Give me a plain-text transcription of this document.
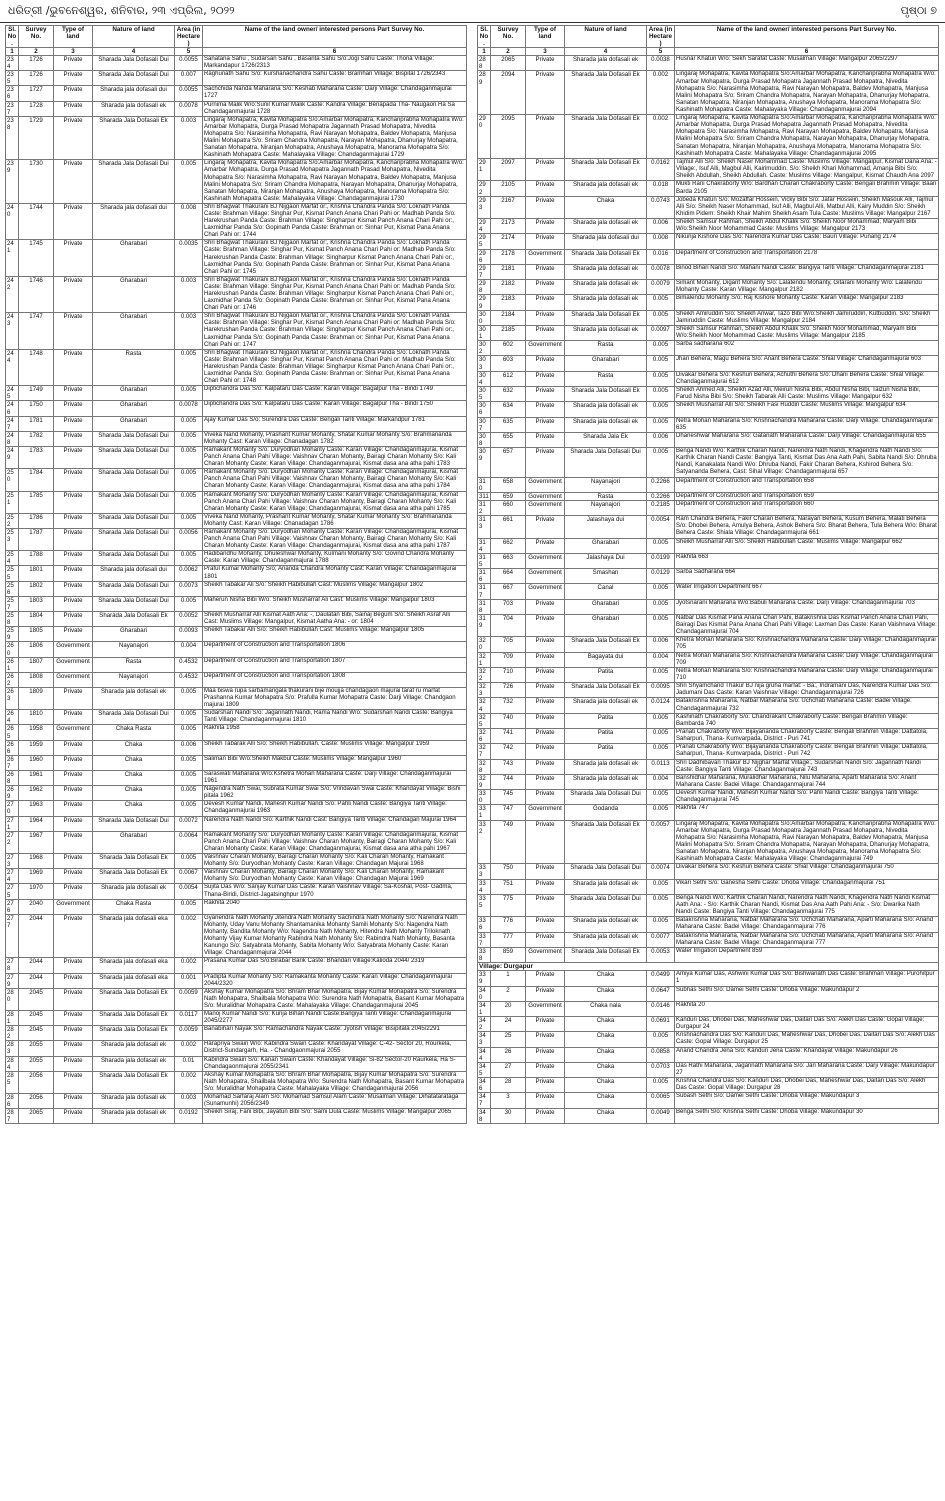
ଧରିତ୍ରୀ /ଭୁବନେଶ୍ୱର, ଶନିବାର, ୨୩ ଏପ୍ରିଲ, ୨୦୨୨	ପୃଷ୍ଠା ୭
Sl. No.	Survey No.	Type of land	Nature of land	Area (in Hectare)	Name of the land owner/ interested persons Part Survey No.
1	2	3	4	5	6
234	1726	Private	Sharada Jala Dofasali Dui	0.0055	Sanatana Sahu , Sudarsan Sahu , Basanta Sahu S/o:Jogi Sahu Caste: Thoria Village: Markandapur 1726/2313
235	1726	Private	Sharada Jala Dofasali Dui	0.007	Raghunath Sahu S/o: Kurshanachandra Sahu Caste: Bramhan Village: Bispital 1726/2343
236	1727	Private	Sharada jala dofasali dui	0.0055	Sachchida Nanda Maharana S/o: Keshab Maharana Caste: Darji Village: Chandaganmajurai 1727
237	1728	Private	Sharada jala dofasali ek	0.0078	Purnima Malik W/o:Sunil Kumar Malik Caste: Kandra Village: Benapada Tha- Naugaon Ha Sa Chandaganmajurai 1728
238	1729	Private	Sharada Jala Dofasali Ek	0.003	Lingaraj Mohapatra, Kavita Mohapatra S/o:Amarbar Mohapatra, Kanchanprabha Mohapatra W/o: Amarbar Mohapatra, Durga Prasad Mohapatra Jagannath Prasad Mohapatra, Nivedita Mohapatra S/o: Narasimha Mohapatra, Ravi Narayan Mohapatra, Baldev Mohapatra, Manjusa Malini Mohapatra S/o: Sriram Chandra Mohapatra, Narayan Mohapatra, Dhanurjay Mohapatra, Sanatan Mohapatra, Niranjan Mohapatra, Anushaya Mohapatra, Manorama Mohapatra S/o: Kashinath Mohapatra Caste: Mahalayaka Village: Chandaganmajurai 1729
239	1730	Private	Sharada Jala Dofasali Dui	0.005	Lingaraj Mohapatra, Kavita Mohapatra S/o:Amarbar Mohapatra, Kanchanprabha Mohapatra W/o: Amarbar Mohapatra, Durga Prasad Mohapatra Jagannath Prasad Mohapatra, Nivedita Mohapatra S/o: Narasimha Mohapatra, Ravi Narayan Mohapatra, Baldev Mohapatra, Manjusa Malini Mohapatra S/o: Sriram Chandra Mohapatra, Narayan Mohapatra, Dhanurjay Mohapatra, Sanatan Mohapatra, Niranjan Mohapatra, Anushaya Mohapatra, Manorama Mohapatra S/o: Kashinath Mohapatra Caste: Mahalayaka Village: Chandaganmajurai 1730
240	1744	Private	Sharada jala dofasali dui	0.008	Shri Bhagwat Thakurani BJ Nijgaon Marfat or:, Krishna Chandra Panda S/o: Loknath Panda Caste: Brahman Village: Singhar Pur, Kismat Panch Anana Chari Pahi or: Madhab Panda S/o: Harekrushan Panda Caste: Brahman Village: Singharpur Kismat Panch Anana Chari Pahi or:, Laxmidhar Panda S/o: Gopinath Panda Caste: Brahman or: Sinhar Pur, Kismat Pana Anana Chari Pahi or: 1744
241	1745	Private	Gharabari	0.0035	Shri Bhagwat Thakurani BJ Nijgaon Marfat or:, Krishna Chandra Panda S/o: Loknath Panda Caste: Brahman Village: Singhar Pur, Kismat Panch Anana Chari Pahi or: Madhab Panda S/o: Harekrushan Panda Caste: Brahman Village: Singharpur Kismat Panch Anana Chari Pahi or:, Laxmidhar Panda S/o: Gopinath Panda Caste: Brahman or: Sinhar Pur, Kismat Pana Anana Chari Pahi or: 1745
242	1746	Private	Gharabari	0.003	Shri Bhagwat Thakurani BJ Nijgaon Marfat or:, Krishna Chandra Panda S/o: Loknath Panda Caste: Brahman Village: Singhar Pur, Kismat Panch Anana Chari Pahi or: Madhab Panda S/o: Harekrushan Panda Caste: Brahman Village: Singharpur Kismat Panch Anana Chari Pahi or:, Laxmidhar Panda S/o: Gopinath Panda Caste: Brahman or: Sinhar Pur, Kismat Pana Anana Chari Pahi or: 1746
243	1747	Private	Gharabari	0.003	Shri Bhagwat Thakurani BJ Nijgaon Marfat or:, Krishna Chandra Panda S/o: Loknath Panda Caste: Brahman Village: Singhar Pur, Kismat Panch Anana Chari Pahi or: Madhab Panda S/o: Harekrushan Panda Caste: Brahman Village: Singharpur Kismat Panch Anana Chari Pahi or:, Laxmidhar Panda S/o: Gopinath Panda Caste: Brahman or: Sinhar Pur, Kismat Pana Anana Chari Pahi or: 1747
244	1748	Private	Rasta	0.005	Shri Bhagwat Thakurani BJ Nijgaon Marfat or:, Krishna Chandra Panda S/o: Loknath Panda Caste: Brahman Village: Singhar Pur, Kismat Panch Anana Chari Pahi or: Madhab Panda S/o: Harekrushan Panda Caste: Brahman Village: Singharpur Kismat Panch Anana Chari Pahi or:, Laxmidhar Panda S/o: Gopinath Panda Caste: Brahman or: Sinhar Pur, Kismat Pana Anana Chari Pahi or: 1748
245	1749	Private	Gharabari	0.005	Diptichandra Das S/o: Kalpataru Das Caste: Karan Village: Bagalpur Tha - Biridi 1749
246	1750	Private	Gharabari	0.0078	Diptichandra Das S/o: Kalpataru Das Caste: Karan Village: Bagalpur Tha - Biridi 1750
247	1781	Private	Gharabari	0.005	Ajay Kumar Das S/o: Surendra Das Caste: Bengali Tanti Village: Markandpur 1781
248	1782	Private	Sharada Jala Dofasali Dui	0.005	Viveka Nand Mohanty, Prashant Kumar Mohanty, Shatar Kumar Mohanty S/o: Brahmananda Mohanty Cast: Karan Village: Chanadagan 1782
249	1783	Private	Sharada Jala Dofasali Dui	0.005	Ramakant Mohanty S/o: Duryodhan Mohanty Caste: Karan Village: Chandaganmajurai, Kismat Panch Anana Chari Pahi Village: Vaishnav Charan Mohanty, Bairagi Charan Mohanty S/o: Kali Charan Mohanty Caste: Karan Village: Chandaganmajurai, Kismat dasa ana atha pahi 1783
250	1784	Private	Sharada Jala Dofasali Dui	0.005	Ramakant Mohanty S/o: Duryodhan Mohanty Caste: Karan Village: Chandaganmajurai, Kismat Panch Anana Chari Pahi Village: Vaishnav Charan Mohanty, Bairagi Charan Mohanty S/o: Kali Charan Mohanty Caste: Karan Village: Chandaganmajurai, Kismat dasa ana atha pahi 1784
251	1785	Private	Sharada Jala Dofasali Dui	0.005	Ramakant Mohanty S/o: Duryodhan Mohanty Caste: Karan Village: Chandaganmajurai, Kismat Panch Anana Chari Pahi Village: Vaishnav Charan Mohanty, Bairagi Charan Mohanty S/o: Kali Charan Mohanty Caste: Karan Village: Chandaganmajurai, Kismat dasa ana atha pahi 1785
252	1786	Private	Sharada Jala Dofasali Dui	0.005	Viveka Nand Mohanty, Prashant Kumar Mohanty, Shatar Kumar Mohanty S/o: Brahmananda Mohanty Cast: Karan Village: Chanadagan 1786
253	1787	Private	Sharada Jala Dofasali Dui	0.0056	Ramakant Mohanty S/o: Duryodhan Mohanty Caste: Karan Village: Chandaganmajurai, Kismat Panch Anana Chari Pahi Village: Vaishnav Charan Mohanty, Bairagi Charan Mohanty S/o: Kali Charan Mohanty Caste: Karan Village: Chandaganmajurai, Kismat dasa ana atha pahi 1787
254	1788	Private	Sharada Jala Dofasali Dui	0.005	Hadibandhu Mohanty, Dhuleshwar Mohanty, Kulmani Mohanty S/o: Govind Chandra Mohanty Caste: Karan Village: Chandaganmajurai 1788
255	1801	Private	Sharada jala dofasali dui	0.0062	Praful Kumar Mohanty S/o; Ananda Chandra Mohanty Cast: Karan Village: Chandaganmajurai 1801
256	1802	Private	Sharada Jala Dofasali Dui	0.0073	Sheikh Tabakar Ali S/o: Sheikh Habibullah Cast: Muslims Village: Mangalpur 1802
257	1803	Private	Sharada Jala Dofasali Dui	0.005	Maherun Nisha Bibi W/o: Sheikh Musharraf Ali Cast: Muslims Village: Mangalpur 1803
258	1804	Private	Sharada Jala Dofasali Ek	0.0052	Sheikh Musharraf Alli Kismat Aath Ana: -, Daulatan Bibi, Sainaj Begum S/o: Sheikh Asraf Alli Cast: Muslims Village: Mangalpur, Kismat Aatha Ana: - or: 1804
259	1805	Private	Gharabari	0.0093	Sheikh Tabakar Alli S/o: Sheikh Habibullah Cast: Muslims Village: Mangalpur 1805
260	1806	Government	Nayanajori	0.004	Department of Construction and Transportation 1806
261	1807	Government	Rasta	0.4532	Department of Construction and Transportation 1807
262	1808	Government	Nayanajori	0.4532	Department of Construction and Transportation 1808
263	1809	Private	Sharada jala dofasali ek	0.005	Maa biswa rupa sarbamangala thakurani bije moujja chandagaon majurai taraf ru marfat Prashanna Kumar Mohapatra S/o: Prafulla Kumar Mohapatra Caste: Darji Village: Chandgaon majurai 1809
264	1810	Private	Sharada Jala Dofasali Dui	0.005	Sudarshan Nandi S/o: Jagannath Nandi, Rama Nandi W/o: Sudarshan Nandi Caste: Bangiya Tanti Village: Chandaganmajurai 1810
265	1958	Government	Chaka Rasta	0.005	Rakhita 1958
266	1959	Private	Chaka	0.006	Sheikh Tabarak Alli S/o: Sheikh Habibullah. Caste: Muslims Village: Mangalpur 1959
267	1960	Private	Chaka	0.005	Saliman Bibi W/o:Sheikh Makbul Caste: Muslims Village: Mangalpur 1960
268	1961	Private	Chaka	0.005	Saraswati Maharana W/o:Kshetra Mohan Maharana Caste: Darji Village: Chandaganmajurai 1961
269	1962	Private	Chaka	0.005	Nagendra Nath Swai, Subrata Kumar Swai S/o: Vrindavan Swai Caste: Khandayat Village: Bishi pitala 1962
270	1963	Private	Chaka	0.005	Devesh Kumar Nandi, Mahesh Kumar Nandi S/o: Pahli Nandi Caste: Bangiya Tanti Village: Chandaganmajurai 1963
271	1964	Private	Sharada Jala Dofasali Dui	0.0072	Narendra Nath Nandi S/o: Karthik Nandi Cast: Bangiya Tanti Village: Chandagan Majurai 1964
272	1967	Private	Gharabari	0.0064	Ramakant Mohanty S/o: Duryodhan Mohanty Caste: Karan Village: Chandaganmajurai, Kismat Panch Anana Chari Pahi Village: Vaishnav Charan Mohanty, Bairagi Charan Mohanty S/o: Kali Charan Mohanty Caste: Karan Village: Chandaganmajurai, Kismat dasa ana atha pahi 1967
273	1968	Private	Sharada Jala Dofasali Ek	0.005	Vaishnav Charan Mohanty, Bairagi Charan Mohanty S/o: Kali Charan Mohanty, Ramakant Mohanty S/o: Duryodhan Mohanty Caste: Karan Village: Chandagan Majurai 1968
274	1969	Private	Sharada Jala Dofasali Ek	0.0067	Vaishnav Charan Mohanty, Bairagi Charan Mohanty S/o: Kali Charan Mohanty, Ramakant Mohanty S/o: Duryodhan Mohanty Caste: Karan Village: Chandagan Majurai 1969
275	1970	Private	Sharada jala dofasali ek	0.0054	Sujita Das W/o: Sanjay Kumar Das Caste: Karan Vaishnav Village: Sa-Koshal, Post- Gadma, Thana-Biridi, District-Jagatsinghpur 1970
276	2040	Government	Chaka Rasta	0.005	Rakhita 2040
277	2044	Private	Sharada jala dofasali eka	0.002	Gyanendra Nath Mohanty Jitendra Nath Mohanty Sachindra Nath Mohanty S/o: Narendra Nath Mohanty, Uday Vanu Mohanty Shantamanika Mohanty Samili Mohanty S/o: Nagendra Nath Mohanty, Bandita Mohanty W/o: Nagendra Nath Mohanty, Hitendra Nath Mohanty Triloknath Mohanty Vijay Kumar Mohanty Rabindra Nath Mohanty S/o: Rabindra Nath Mohanty, Basanta Kanungo S/o: Satyabrata Mohanty, Sabita Mohanty W/o: Satyabrata Mohanty Caste: Karan Village: Chandaganmajurai 2044
278	2044	Private	Sharada jala dofasali eka	0.002	Prasana Kumar Das S/o:Birabar Barik Caste: Bhandari Village:Kalioda 2044/ 2319
279	2044	Private	Sharada jala dofasali eka	0.001	Pradipta Kumar Mohanty S/o: Ramakanta Mohanty Caste: Karan Village: Chandaganmajurai 2044/2320
280	2045	Private	Sharada Jala Dofasali Ek	0.0059	Akshay Kumar Mohapatra S/o: Bhram Bhar Mohapatra, Bijay Kumar Mohapatra S/o: Surendra Nath Mohapatra, Shailbala Mohapatra W/o: Surendra Nath Mohapatra, Basant Kumar Mohapatra S/o: Muralidhar Mohapatra Caste: Mahalayaka Village: Chandaganmajurai 2045
281	2045	Private	Sharada Jala Dofasali Ek	0.0117	Manoj Kumar Nandi S/o: Kunja Bihari Nandi Caste:Bangiya Tanti Village: Chandaganmajurai 2045/2277
282	2045	Private	Sharada Jala Dofasali Ek	0.0059	Banabihari Nayak S/o: Ramachandra Nayak Caste: Jyotish Village: Bisipitala 2045/2291
283	2055	Private	Sharada jala dofasali ek	0.002	Harapriya Swain W/o: Kabindra Swain Caste: Khandayat Village: C-42- Sector 20, Rourkela, District-Sundargarh, Ha. - Chandgaonmajurai 2055
284	2055	Private	Sharada jala dofasali ek	0.01	Kabindra Swain S/o: Kanan Swain Caste: Khandayat Village: Si-82 Sector-20 Raurkela, Ha S- Chandagaonmajurai 2055/2341
285	2056	Private	Sharada Jala Dofasali Ek	0.002	Akshay Kumar Mohapatra S/o: Bhram Bhar Mohapatra, Bijay Kumar Mohapatra S/o: Surendra Nath Mohapatra, Shailbala Mohapatra W/o: Surendra Nath Mohapatra, Basant Kumar Mohapatra S/o: Muralidhar Mohapatra Caste: Mahalayaka Village: Chandaganmajurai 2056
286	2056	Private	Sharada jala dofasali ek	0.003	Mohamad Sarfaraj Alam S/o: Mohamad Samsul Alam Caste: Musalman Village: Dihatatarataga (Sunamunhi) 2056/2349
287	2065	Private	Sharada jala dofasali ek	0.0192	Sheikh Siraj, Fani Bibi, Jayatun Bibi S/o: Sami Dula Caste: Muslims Village: Mangalpur 2065
Sl. No.	Survey No.	Type of land	Nature of land	Area (in Hectare)	Name of the land owner/ interested persons Part Survey No.
1	2	3	4	5	6
288	2065	Private	Sharada jala dofasali ek	0.0038	Husnar Khatun W/o: Sekh Sarafat Caste: Musalman Village: Mangalpur 2065/2297
289	2094	Private	Sharada Jala Dofasali Ek	0.002	Lingaraj Mohapatra, Kavita Mohapatra S/o:Amarbar Mohapatra, Kanchanprabha Mohapatra W/o: Amarbar Mohapatra, Durga Prasad Mohapatra Jagannath Prasad Mohapatra, Nivedita Mohapatra S/o: Narasimha Mohapatra, Ravi Narayan Mohapatra, Baldev Mohapatra, Manjusa Malini Mohapatra S/o: Sriram Chandra Mohapatra, Narayan Mohapatra, Dhanurjay Mohapatra, Sanatan Mohapatra, Niranjan Mohapatra, Anushaya Mohapatra, Manorama Mohapatra S/o: Kashinath Mohapatra Caste: Mahalayaka Village: Chandaganmajurai 2094
290	2095	Private	Sharada Jala Dofasali Ek	0.002	Lingaraj Mohapatra, Kavita Mohapatra S/o:Amarbar Mohapatra, Kanchanprabha Mohapatra W/o: Amarbar Mohapatra, Durga Prasad Mohapatra Jagannath Prasad Mohapatra, Nivedita Mohapatra S/o: Narasimha Mohapatra, Ravi Narayan Mohapatra, Baldev Mohapatra, Manjusa Malini Mohapatra S/o: Sriram Chandra Mohapatra, Narayan Mohapatra, Dhanurjay Mohapatra, Sanatan Mohapatra, Niranjan Mohapatra, Anushaya Mohapatra, Manorama Mohapatra S/o: Kashinath Mohapatra Caste: Mahalayaka Village: Chandaganmajurai 2095
291	2097	Private	Sharada Jala Dofasali Ek	0.0162	Tajmul Alli S/o: Sheikh Naser Mohammad Caste: Muslims Village: Mangalpur, Kismat Dana Ana: - Village:, Isuf Alli, Magbul Alli, Kairimuddin. S/o: Sheikh Khari Mohammad, Amanja Bibi S/o: Sheikh Abdullah, Sheikh Abdullah. Caste: Muslims Village: Mangalpur, Kismat Chaudh Ana 2097
292	2105	Private	Sharada jala dofasali ek	0.018	Mukti Rani Chakraborty W/o: Bardhan Charan Chakraborty Caste: Bengali Brahmin Village: Baan Barda 2105
293	2167	Private	Chaka	0.0743	Jobeda Khatun S/o: Mozaffar Hossein, Vicky Bibi S/o: Jafar Hossein, Sheikh Masouk Alli, Tajmul Alli S/o: Sheikh Naser Mohammad, Isuf Alli, Magbul Alli, Matbul Alli, Kairy Muddin S/o: Sheikh Khidim Pidem: Sheikh Khair Mahim Sheikh Asam Tula Caste: Muslims Village: Mangalpur 2167
294	2173	Private	Sharada jala dofasali ek	0.006	Sheikh Samsur Rahman, Sheikh Abdul Khalik S/o: Sheikh Noor Mohammad, Maryam Bibi W/o:Sheikh Noor Mohammad Caste: Muslims Village: Mangalpur 2173
295	2174	Private	Sharada jala dofasali dui	0.008	Nikunja Kishore Das S/o: Narendra Kumar Das Caste: Bauri Village: Punang 2174
296	2178	Government	Sharada Jala Dofasali Ek	0.016	Department of Construction and Transportation 2178
297	2181	Private	Sharada jala dofasali ek	0.0078	Binod Bihari Nandi S/o: Mahani Nandi Caste: Bangiya Tanti Village: Chandaganmajurai 2181
298	2182	Private	Sharada jala dofasali ek	0.0079	Simant Mohanty, Digant Mohanty S/o: Lalatendu Mohanty, Gitarani Mohanty W/o: Lalatendu Mohanty Caste: Karan Village: Mangalpur 2182
299	2183	Private	Sharada jala dofasali ek	0.005	Bimalendu Mohanty S/o: Raj Kishore Mohanty Caste: Karan Village: Mangalpur 2183
300	2184	Private	Sharada Jala Dofasali Ek	0.005	Sheikh Amiruddin S/o: Sheikh Anwar, Tazo Bibi W/o:Sheikh Jamiruddin, Kutbuddin. S/o: Sheikh Jamiruddin Caste: Muslims Village: Mangalpur 2184
301	2185	Private	Sharada jala dofasali ek	0.0097	Sheikh Samsur Rahman, Sheikh Abdul Khalik S/o: Sheikh Noor Mohammad, Maryam Bibi W/o:Sheikh Noor Mohammad Caste: Muslims Village: Mangalpur 2185
302	602	Government	Rasta	0.005	Sarba sadharana 602
303	603	Private	Gharabari	0.005	Jhari Behera, Magu Behera S/o: Anant Behera Caste: Shial Village: Chandaganmajurai 603
304	612	Private	Rasta	0.005	Divakar Behera S/o: Keshuri Behera, Achuthi Behera S/o: Dhani Behera Caste: Shial Village: Chandaganmajurai 612
305	632	Private	Sharada Jala Dofasali Ek	0.005	Sheikh Ahmed Alli, Sheikh Azad Alli, Meirun Nisha Bibi, Abdul Nisha Bibi, Taizun Nisha Bibi, Farud Nisha Bibi S/o: Sheikh Tabarak Alli Caste: Muslims Village: Mangalpur 632
306	634	Private	Sharada jala dofasali ek	0.005	Sheikh Musharraf Alli S/o: Sheikh Fasi Ruddin Caste: Muslims Village: Mangalpur 634
307	635	Private	Sharada jala dofasali ek	0.005	Netra Mohan Maharana S/o: Krishnachandra Maharana Caste: Darji Village: Chandaganmajurai 635
308	655	Private	Sharada Jala Ek	0.006	Dhaneshwar Maharana S/o: Gatanath Maharana Caste: Darji Village: Chandaganmajurai 655
309	657	Private	Sharada Jala Dofasali Dui	0.005	Benga Nandi W/o: Karthik Charan Nandi, Narendra Nath Nandi, Khagendra Nath Nandi S/o: Karthik Charan Nandi Caste: Bangiya Tanti, Kismat Das Ana Aath Pahi, Sabita Nandi S/o: Dhruba Nandi, Kanakalata Nandi W/o: Dhruba Nandi, Fakir Charan Behera, Kshirod Behera S/o: Satyananda Behera, Cast: Sihal Village: Chandaganmajurai 657
310	658	Government	Nayanajori	0.2266	Department of Construction and Transportation 658
311	659	Government	Rasta	0.2266	Department of Construction and Transportation 659
312	660	Government	Nayanajori	0.2185	Department of Construction and Transportation 660
313	661	Private	Jalashaya dui	0.0054	Ram Chandra Behera, Fakir Charan Behera, Narayan Behera, Kusum Behera, Malati Behera S/o: Dhobei Behera, Amulya Behera, Ashok Behera S/o: Bharat Behera, Tula Behera W/o: Bharat Behera Caste: Shiala Village: Chandaganmajurai 661
314	662	Private	Gharabari	0.005	Sheikh Musharraf Alli S/o: Sheikh Habibullah Caste: Muslims Village: Mangalpur 662
315	663	Government	Jalashaya Dui	0.0199	Rakhita 663
316	664	Government	Smashan	0.0129	Sarba Sadharana 664
317	667	Government	Canal	0.005	Water Irrigation Department 667
318	703	Private	Gharabari	0.005	Jyotsnarani Maharana W/o:Babuli Maharana Caste: Darji Village: Chandaganmajurai 703
319	704	Private	Gharabari	0.005	Natbar Das Kismat Pana Anana Chari Pahi, Batakrishna Das Kismat Panch Anana Chari Pahi, Bairagi Das Kismat Pana Anana Chari Pahi Village: Laxman Das Caste: Karan Vaishnava Village: Chandaganmajurai 704
320	705	Private	Sharada Jala Dofasali Ek	0.006	Khetra Mohan Maharana S/o: Krishnachandra Maharana Caste: Darji Village: Chandaganmajurai 705
321	709	Private	Bagayata dui	0.004	Netra Mohan Maharana S/o: Krishnachandra Maharana Caste: Darji Village: Chandaganmajurai 709
322	710	Private	Patita	0.005	Netra Mohan Maharana S/o: Krishnachandra Maharana Caste: Darji Village: Chandaganmajurai 710
323	726	Private	Sharada Jala Dofasali Ek	0.0095	Shri Shyamchand Thakur BJ nija gruha marfat: - Ba:, Indramani Das, Narendra Kumar Das S/o: Jadumani Das Caste: Karan Vaishnav Village: Chandaganmajurai 726
324	732	Private	Sharada jala dofasali ek	0.0124	Batakrishna Maharana, Natbar Maharana S/o: Uchchab Maharana Caste: Badei Village: Chandaganmajurai 732
325	740	Private	Patita	0.005	Kashinath Chakraborty S/o: Chandrakant Chakraborty Caste: Bengali Brahmin Village: Bambarda 740
326	741	Private	Patita	0.005	Pranati Chakraborty W/o: Bijayananda Chakraborty Caste: Bengali Brahmin Village: Dattatola, Saharpuri, Thana- Kumvarpada, District - Puri 741
327	742	Private	Patita	0.005	Pranati Chakraborty W/o: Bijayananda Chakraborty Caste: Bengali Brahmin Village: Dattatola, Saharpuri, Thana- Kumvarpada, District - Puri 742
328	743	Private	Sharada jala dofasali ek	0.0113	Shri Dadhibavan Thakur BJ Nijghar Marfat Village:, Sudarshan Nandi S/o: Jagannath Nandi Caste: Bangiya Tanti Village: Chandaganmajurai 743
329	744	Private	Sharada jala dofasali ek	0.004	Banshidhar Maharana, Muralidhar Maharana, Nilu Maharana, Aparti Maharana S/o: Anant Maharana Caste: Badei Village: Chandaganmajurai 744
330	745	Private	Sharada Jala Dofasali Dui	0.005	Devesh Kumar Nandi, Mahesh Kumar Nandi S/o: Pahli Nandi Caste: Bangiya Tanti Village: Chandaganmajurai 745
331	747	Government	Godanda	0.005	Rakhita 747
332	749	Private	Sharada Jala Dofasali Ek	0.0057	Lingaraj Mohapatra, Kavita Mohapatra S/o:Amarbar Mohapatra, Kanchanprabha Mohapatra W/o: Amarbar Mohapatra, Durga Prasad Mohapatra Jagannath Prasad Mohapatra, Nivedita Mohapatra S/o: Narasimha Mohapatra, Ravi Narayan Mohapatra, Baldev Mohapatra, Manjusa Malini Mohapatra S/o: Sriram Chandra Mohapatra, Narayan Mohapatra, Dhanurjay Mohapatra, Sanatan Mohapatra, Niranjan Mohapatra, Anushaya Mohapatra, Manorama Mohapatra S/o: Kashinath Mohapatra Caste: Mahalayaka Village: Chandaganmajurai 749
333	750	Private	Sharada Jala Dofasali Dui	0.0074	Divakar Behera S/o: Keshuri Behera Caste: Shial Village: Chandaganmajurai 750
334	751	Private	Sharada jala dofasali ek	0.005	Vikari Sethi S/o: Ganesha Sethi Caste: Dhoba Village: Chandaganmajurai 751
335	775	Private	Sharada Jala Dofasali Dui	0.005	Benga Nandi W/o: Karthik Charan Nandi, Narendra Nath Nandi, Khagendra Nath Nandi Kismat Aath Ana: - S/o: Karthik Charan Nandi, Kismat Das Ana Aath Pahi Ana: - S/o: Dwarika Nath Nandi Caste: Bangiya Tanti Village: Chandaganmajurai 775
336	776	Private	Sharada jala dofasali ek	0.005	Batakrishna Maharana, Natbar Maharana S/o: Uchchab Maharana, Aparti Maharana S/o: Anand Maharana Caste: Badei Village: Chandaganmajurai 776
337	777	Private	Sharada jala dofasali ek	0.0077	Batakrishna Maharana, Natbar Maharana S/o: Uchchab Maharana, Aparti Maharana S/o: Anand Maharana Caste: Badei Village: Chandaganmajurai 777
338	859	Government	Sharada Jala Dofasali Ek	0.0053	Water Irrigation Department 859
Village: Durgapur					
339	1	Private	Chaka	0.0499	Amiya Kumar Das, Ashwini Kumar Das S/o: Bishwanath Das Caste: Brahman Village: Purohitpur 1
340	2	Private	Chaka	0.0647	Subhas Sethi S/o: Damei Sethi Caste: Dhoba Village: Makundapur 2
341	20	Government	Chaka nala	0.0146	Rakhita 20
342	24	Private	Chaka	0.0691	Kanduri Das, Dhobei Das, Maheshwar Das, Daitari Das S/o: Alekh Das Caste: Gopal Village: Durgapur 24
343	25	Private	Chaka	0.005	Krishnachandra Das S/o: Kanduri Das, Maheshwar Das, Dhobei Das, Daitari Das S/o: Alekh Das Caste: Gopal Village: Durgapur 25
344	26	Private	Chaka	0.0858	Anand Chandra Jena S/o: Kanduri Jena Caste: Khandayat Village: Makundapur 26
345	27	Private	Chaka	0.0703	Das Rathi Maharana, Jagannath Maharana S/o: Jari Maharana Caste: Darji Village: Makundapur 27
346	28	Private	Chaka	0.005	Krishna Chandra Das S/o: Kanduri Das, Dhobei Das, Maheshwar Das, Daitari Das S/o: Alekh Das Caste: Gopal Village: Durgapur 28
347	3	Private	Chaka	0.0065	Subash Sethi S/o: Damei Sethi Caste: Dhoba Village: Makundapur 3
348	30	Private	Chaka	0.0049	Benga Sethi S/o: Krishna Sethi Caste: Dhoba Village: Makundapur 30
